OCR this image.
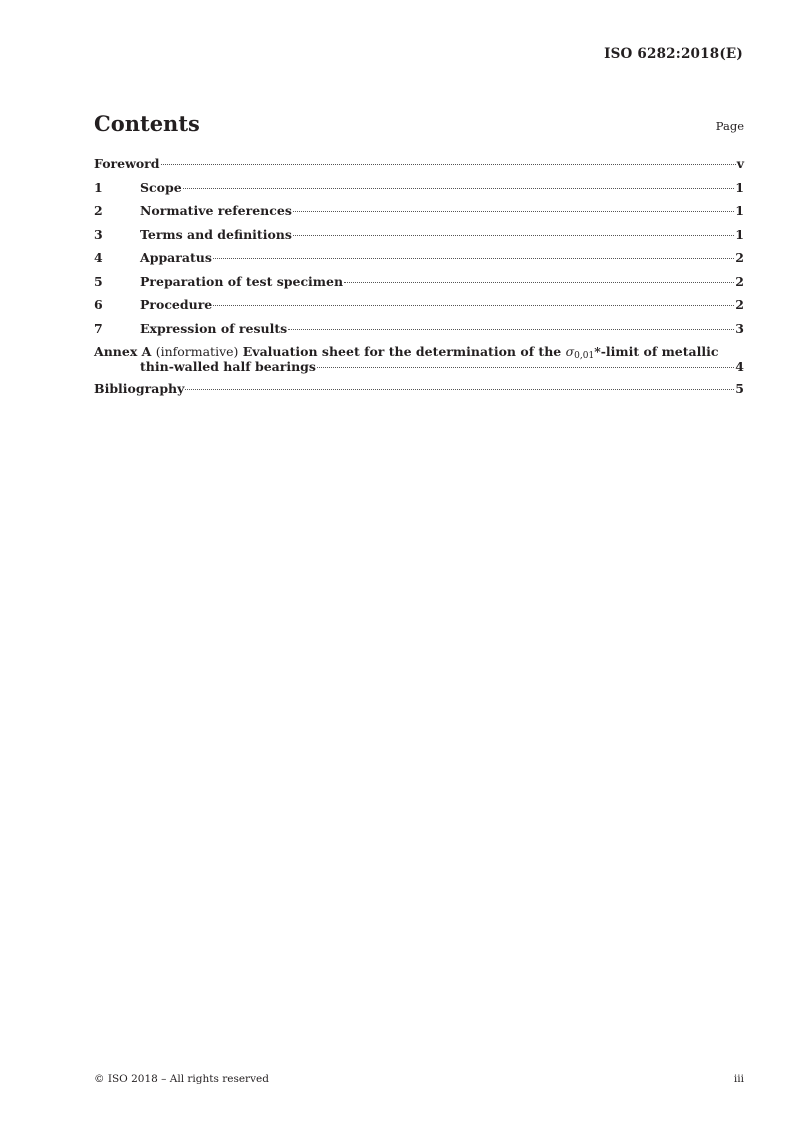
ISO 6282:2018(E)
Contents	Page
Foreword	v
1	Scope	1
2	Normative references	1
3	Terms and definitions	1
4	Apparatus	2
5	Preparation of test specimen	2
6	Procedure	2
7	Expression of results	3
Annex A (informative) Evaluation sheet for the determination of the σ0,01*-limit of metallic
thin-walled half bearings	4
Bibliography	5
© ISO 2018 – All rights reserved	iii
